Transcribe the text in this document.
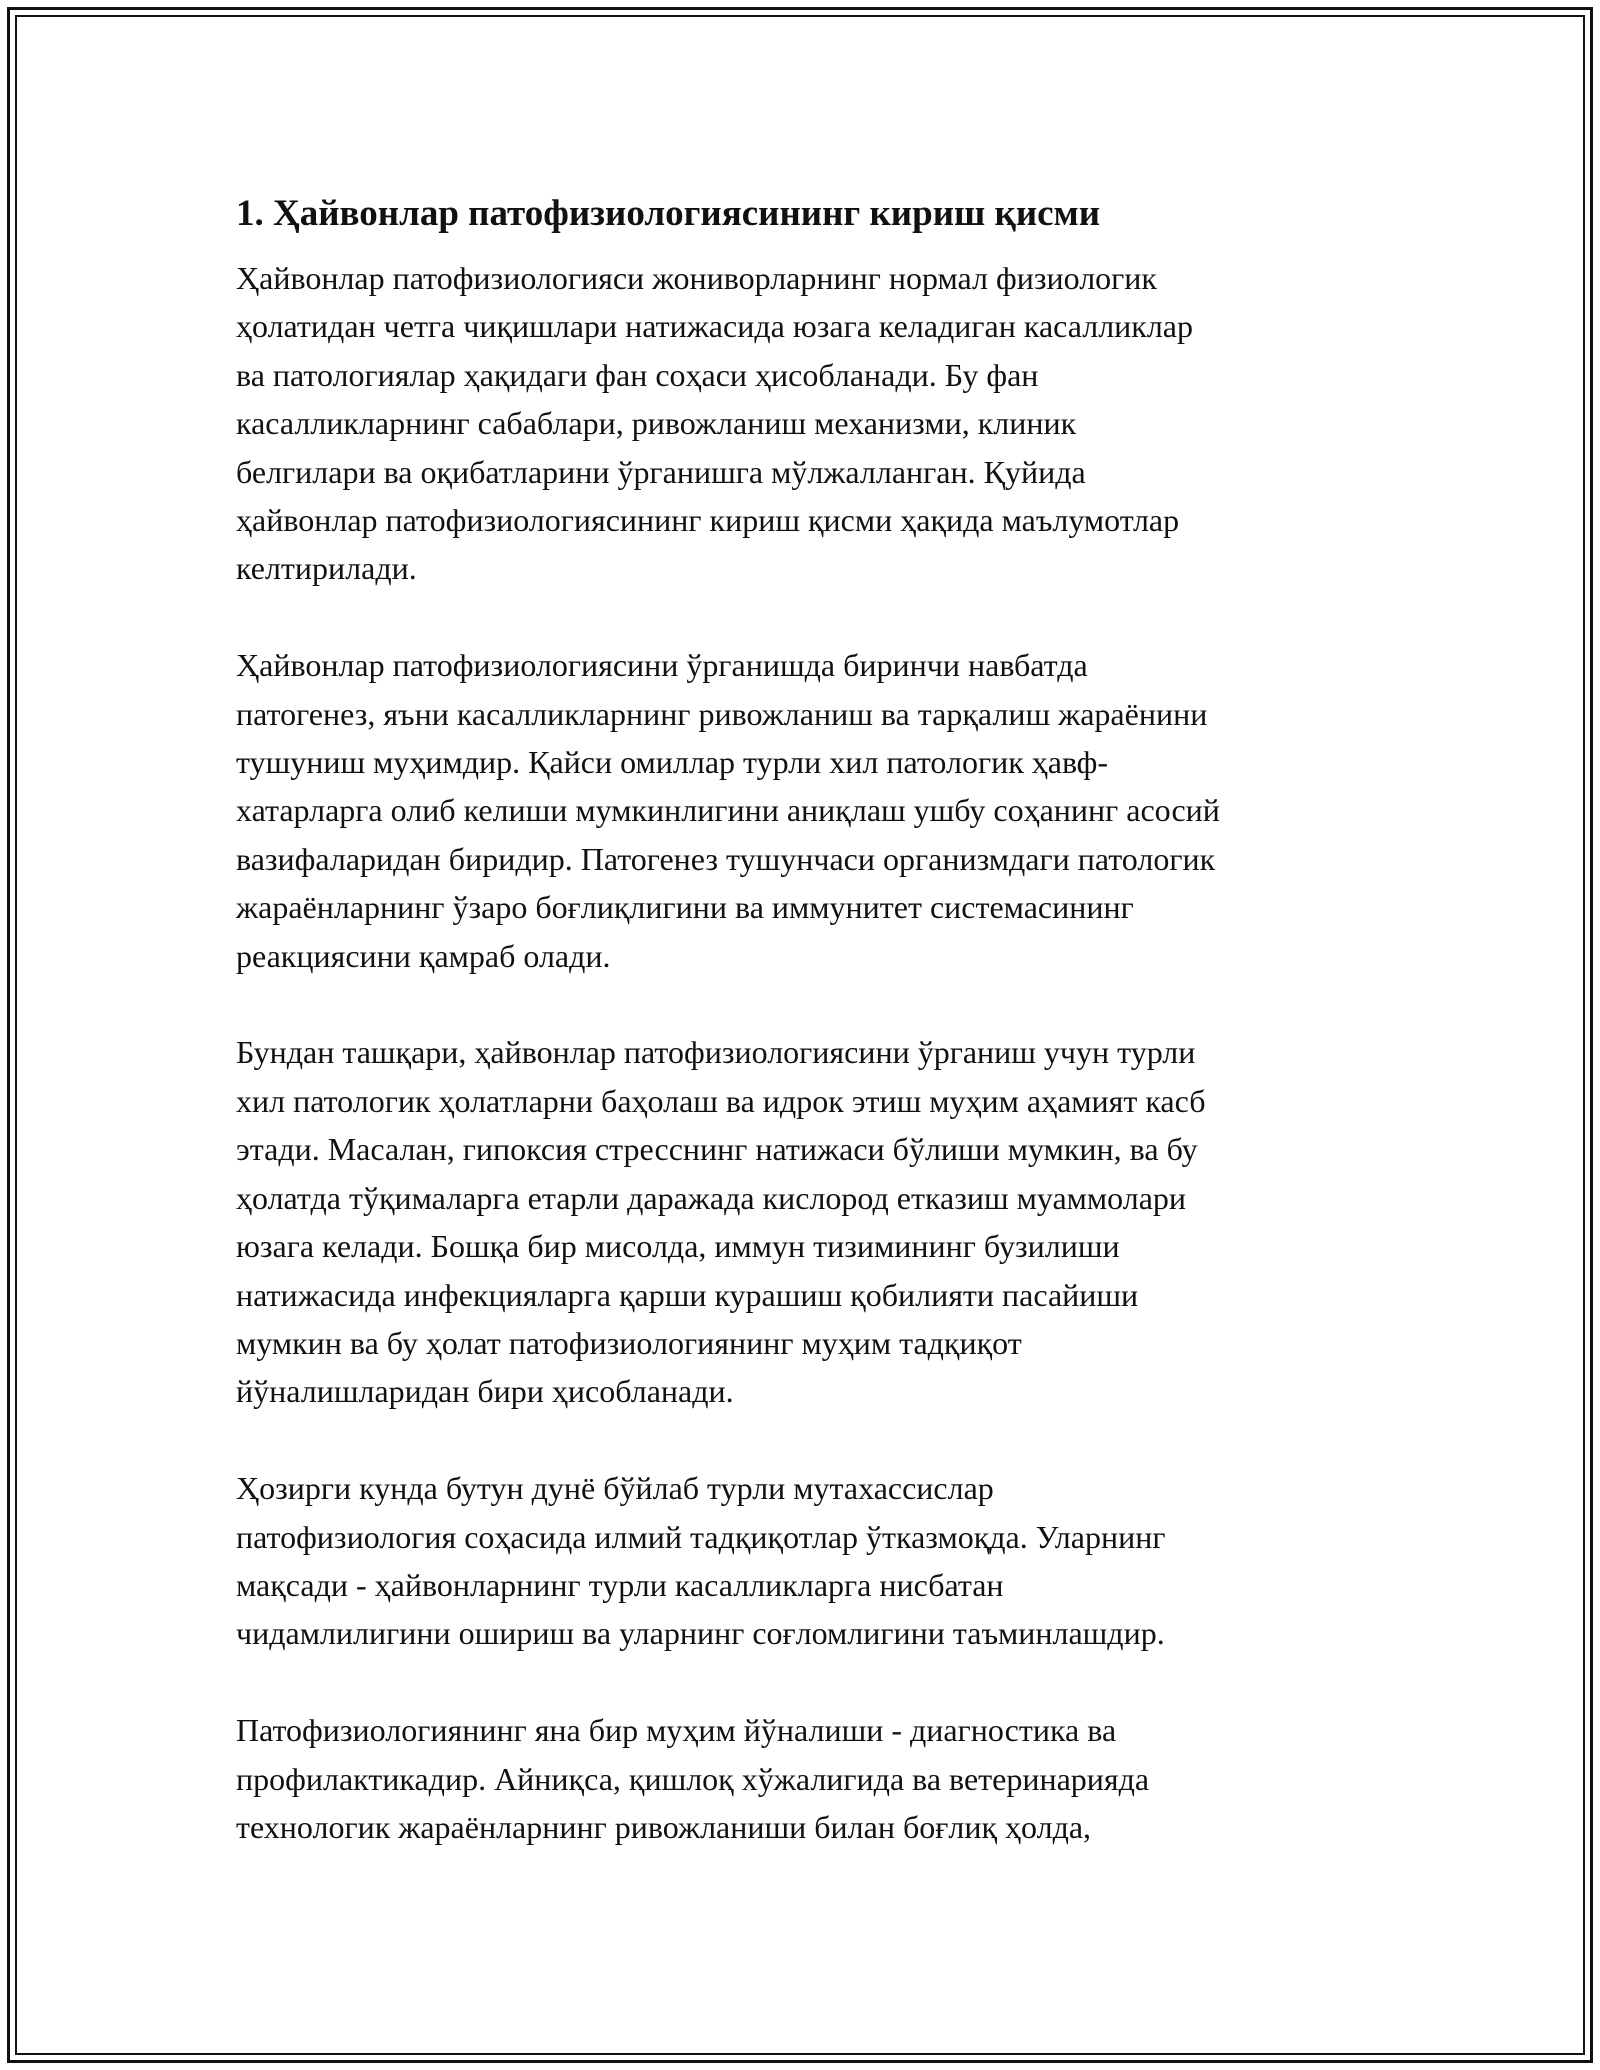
1. Ҳайвонлар патофизиологиясининг кириш қисми
Ҳайвонлар патофизиологияси жониворларнинг нормал физиологик
ҳолатидан четга чиқишлари натижасида юзага келадиган касалликлар
ва патологиялар ҳақидаги фан соҳаси ҳисобланади. Бу фан
касалликларнинг сабаблари, ривожланиш механизми, клиник
белгилари ва оқибатларини ўрганишга мўлжалланган. Қуйида
ҳайвонлар патофизиологиясининг кириш қисми ҳақида маълумотлар
келтирилади.
Ҳайвонлар патофизиологиясини ўрганишда биринчи навбатда
патогенез, яъни касалликларнинг ривожланиш ва тарқалиш жараёнини
тушуниш муҳимдир. Қайси омиллар турли хил патологик ҳавф-
хатарларга олиб келиши мумкинлигини аниқлаш ушбу соҳанинг асосий
вазифаларидан биридир. Патогенез тушунчаси организмдаги патологик
жараёнларнинг ўзаро боғлиқлигини ва иммунитет системасининг
реакциясини қамраб олади.
Бундан ташқари, ҳайвонлар патофизиологиясини ўрганиш учун турли
хил патологик ҳолатларни баҳолаш ва идрок этиш муҳим аҳамият касб
этади. Масалан, гипоксия стресснинг натижаси бўлиши мумкин, ва бу
ҳолатда тўқималарга етарли даражада кислород етказиш муаммолари
юзага келади. Бошқа бир мисолда, иммун тизимининг бузилиши
натижасида инфекцияларга қарши курашиш қобилияти пасайиши
мумкин ва бу ҳолат патофизиологиянинг муҳим тадқиқот
йўналишларидан бири ҳисобланади.
Ҳозирги кунда бутун дунё бўйлаб турли мутахассислар
патофизиология соҳасида илмий тадқиқотлар ўтказмоқда. Уларнинг
мақсади - ҳайвонларнинг турли касалликларга нисбатан
чидамлилигини ошириш ва уларнинг соғломлигини таъминлашдир.
Патофизиологиянинг яна бир муҳим йўналиши - диагностика ва
профилактикадир. Айниқса, қишлоқ хўжалигида ва ветеринарияда
технологик жараёнларнинг ривожланиши билан боғлиқ ҳолда,
